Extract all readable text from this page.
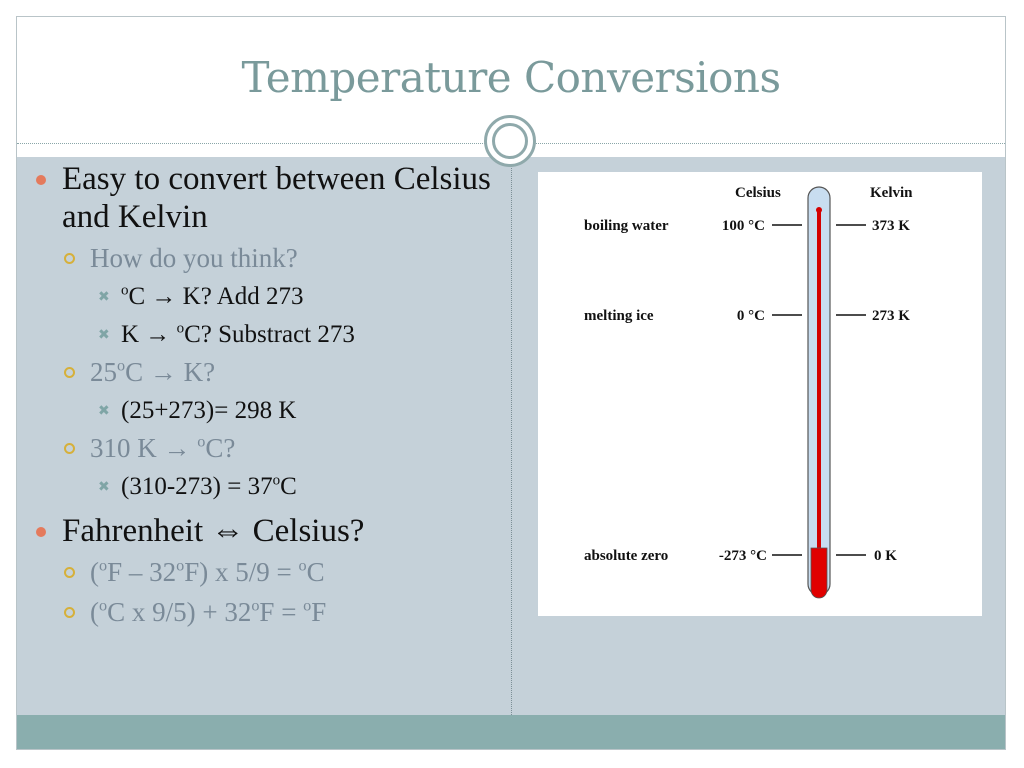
Temperature Conversions
Easy to convert between Celsius and Kelvin
How do you think?
✖ $^o$C → K? Add 273
✖ K → $^o$C? Substract 273
$25^oC \to K$?
✖ (25+273)= 298 K
310 K → $^o$C?
✖ $(310-273) = 37^oC$
Fahrenheit ⇔ Celsius?
($^o$F – 32$^o$F) x 5/9 = $^o$C
($^o$C x $9/5) + 32^oF = ^oF$
Celsius	Kelvin
boiling water	100 °C	373 K
melting ice	0 °C	273 K
absolute zero	-273 °C	0 K
